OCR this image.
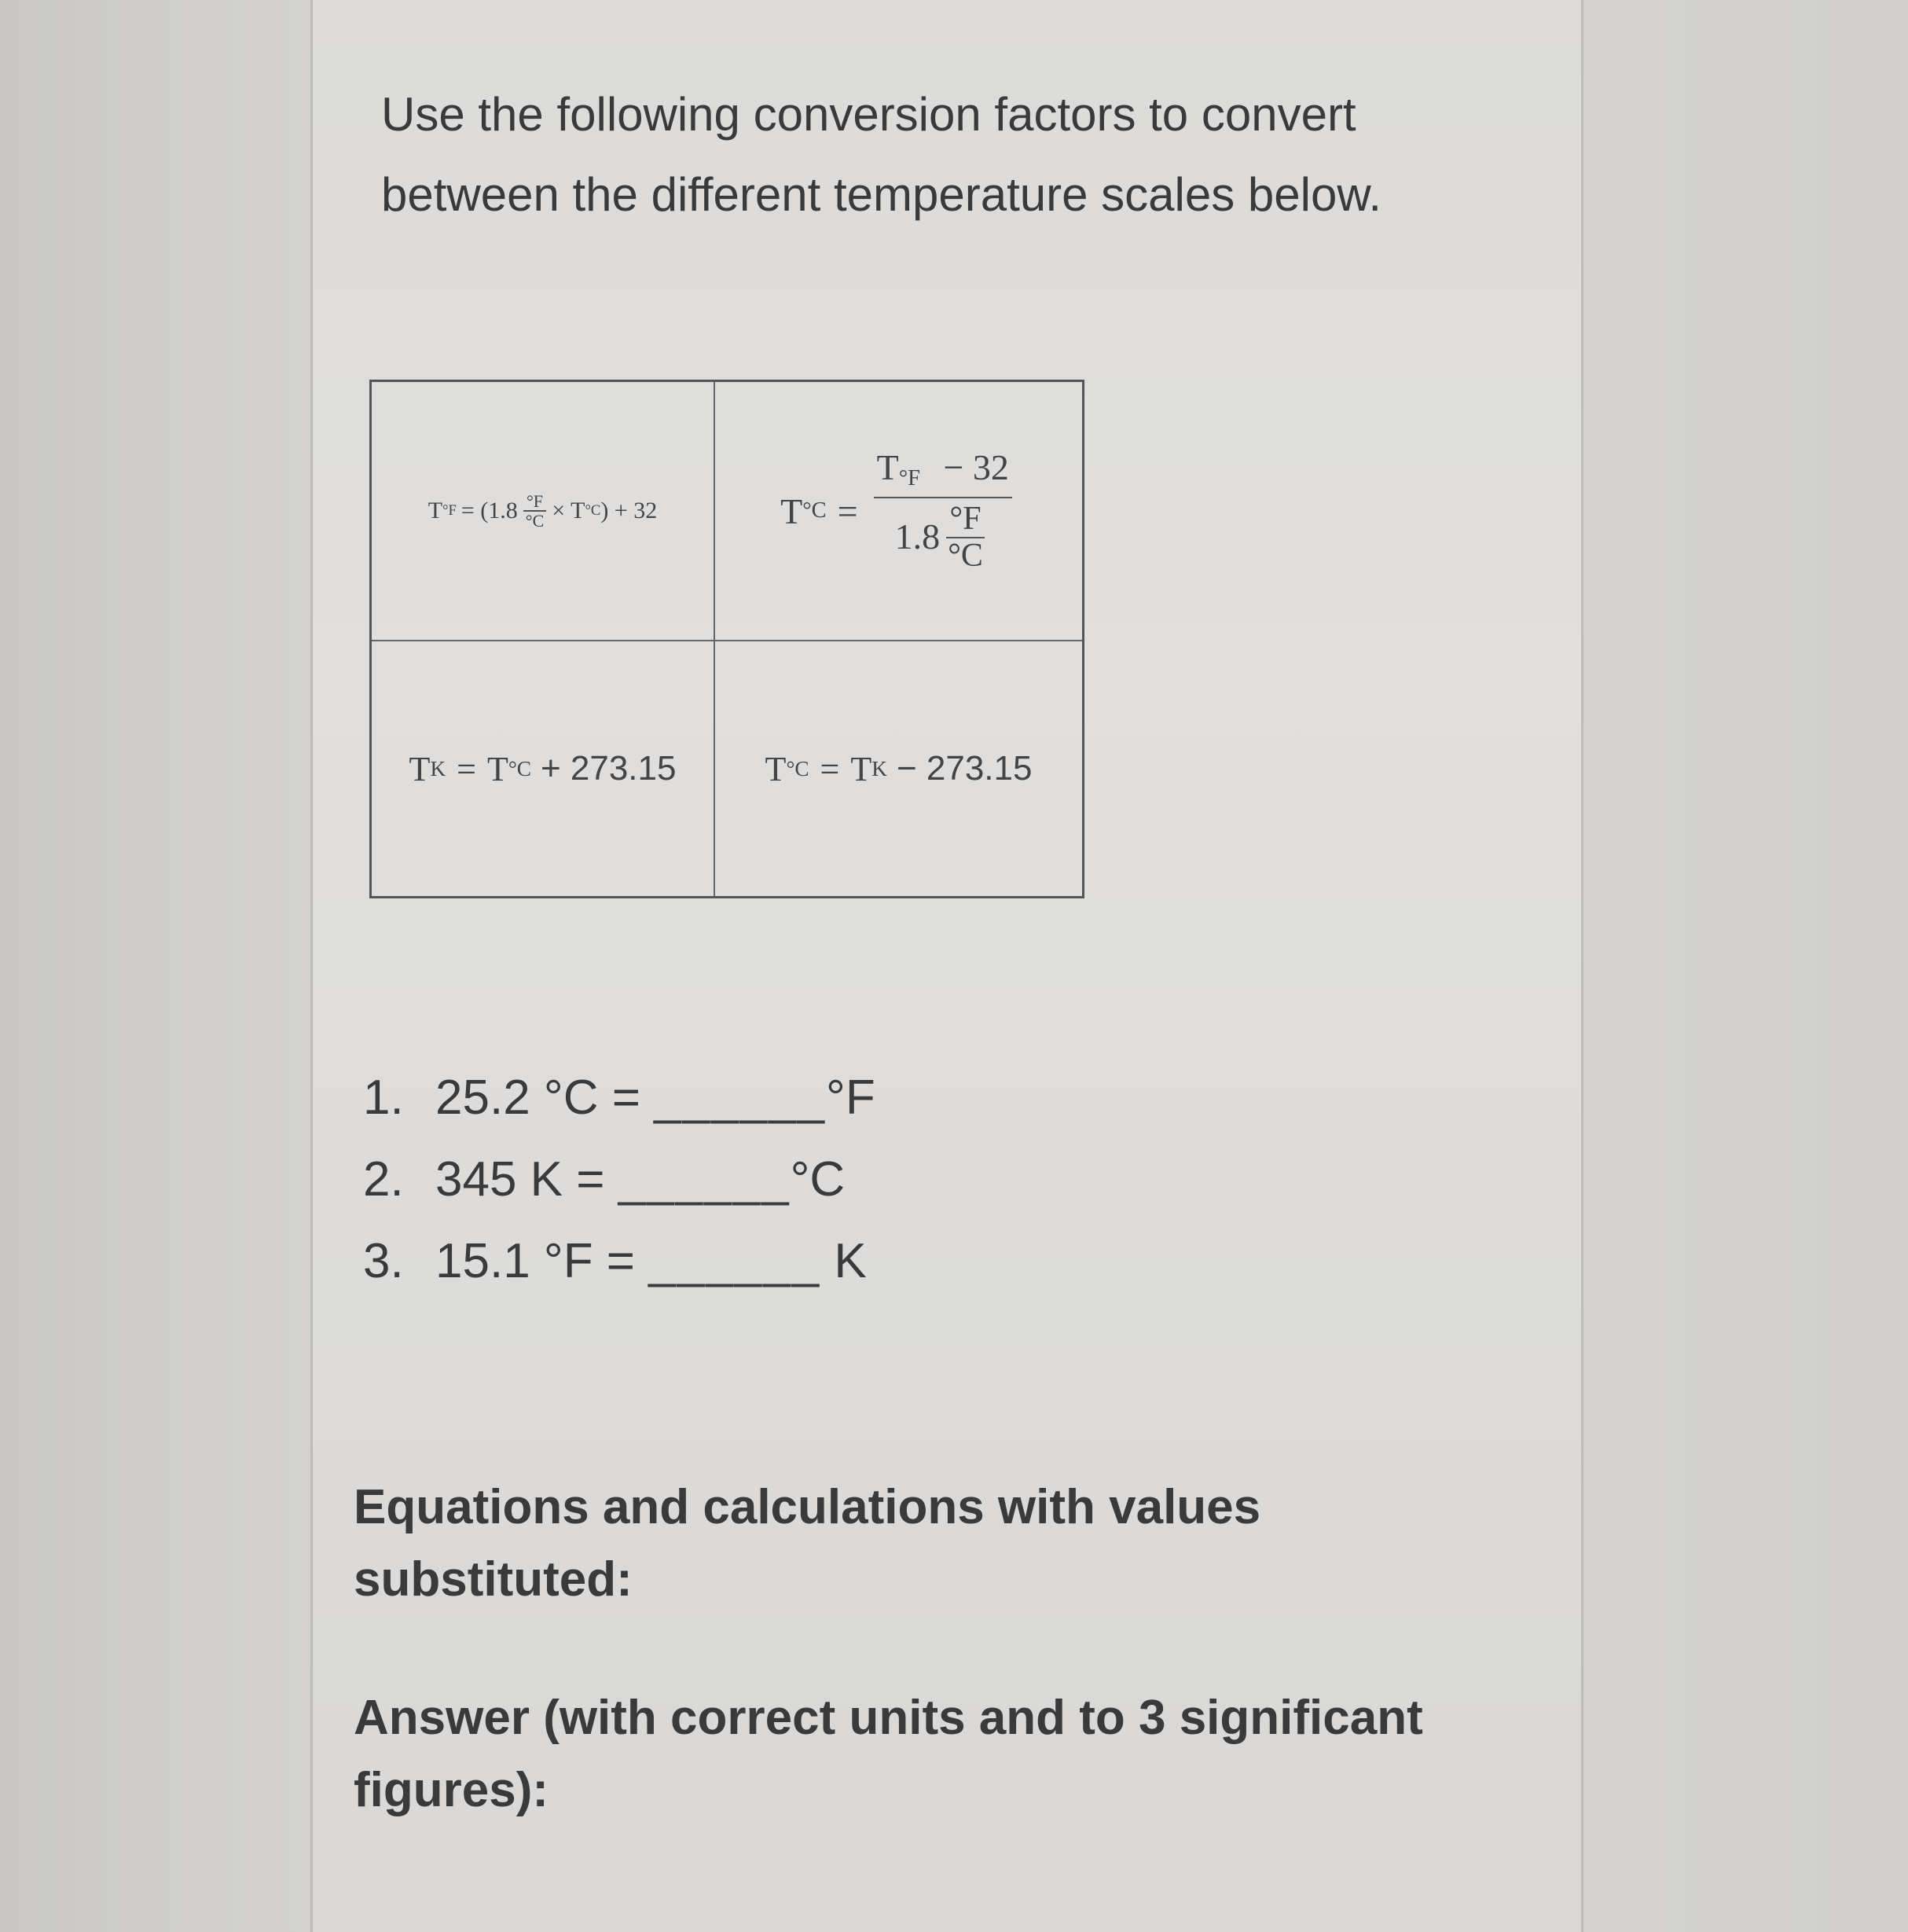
Use the following conversion factors to convert
between the different temperature scales below.

T $^\circ F = (1.8 \frac{^\circ F}{^\circ C} \times T$ °C ) + 32	T $^\circ C = \frac{T_{^\circ F} - 32}{1.8 \frac{^\circ F}{^\circ C}}$
T K = T °C + 273.15	T °C = T K − 273.15
1. 25.2 °C = ______°F
2. 345 K = ______°C
3. 15.1 °F = ______ K

Equations and calculations with values
substituted:

Answer (with correct units and to 3 significant
figures):
